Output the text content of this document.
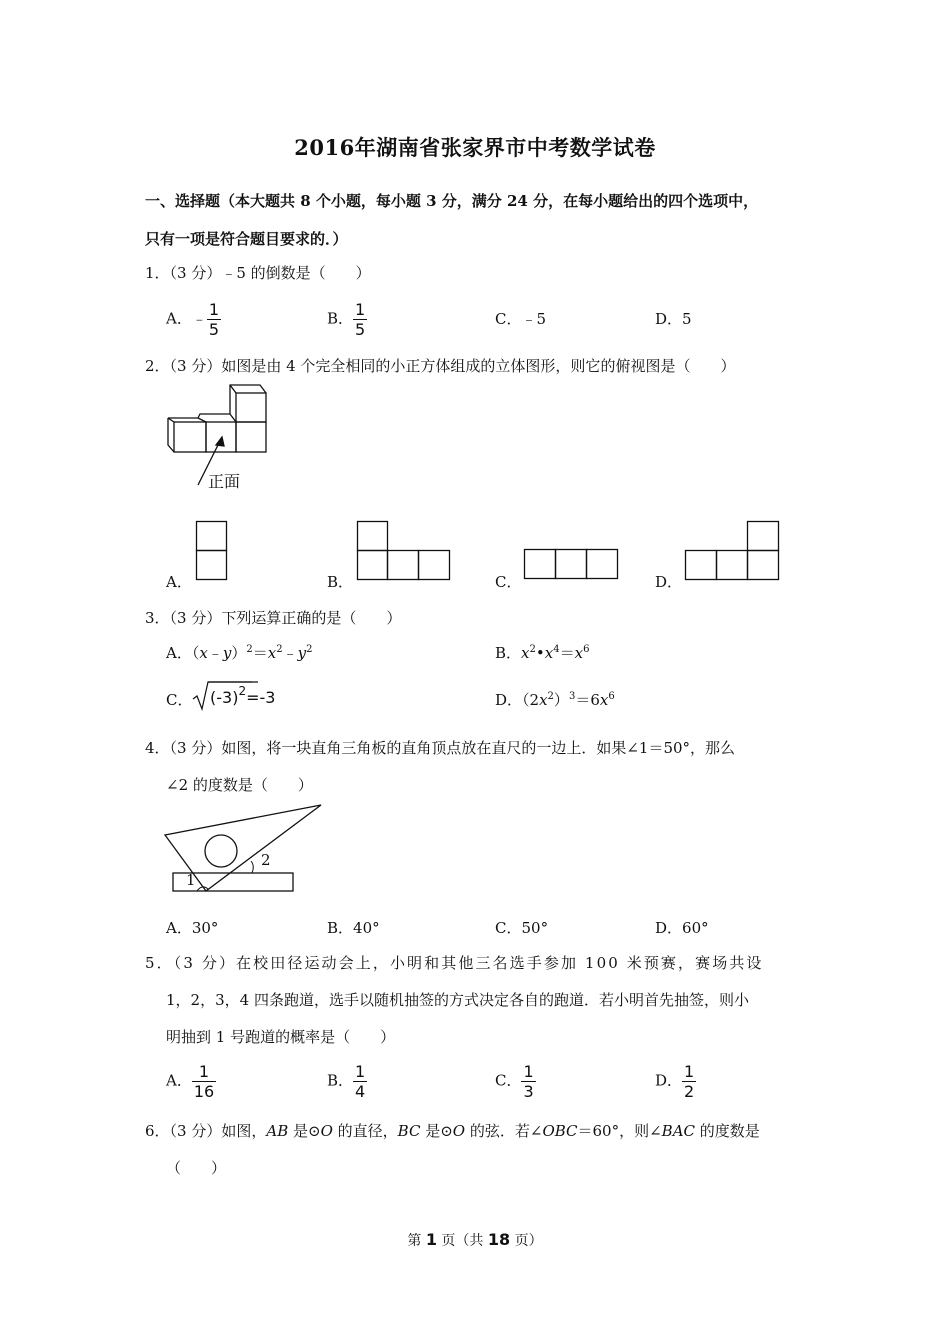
2016年湖南省张家界市中考数学试卷
一、选择题（本大题共 8 个小题，每小题 3 分，满分 24 分，在每小题给出的四个选项中，
只有一项是符合题目要求的．）
1．（3 分）﹣5 的倒数是（　　）
A．﹣ $\frac{1}{5}$	B． $\frac{1}{5}$	C．﹣5	D．5
2．（3 分）如图是由 4 个完全相同的小正方体组成的立体图形，则它的俯视图是（　　）
正面
A．	B．	C．	D．
3．（3 分）下列运算正确的是（　　）
A．$(x﹣y)^2=x^2﹣y^2$	B．$x^2•x^4=x^6$
C． $(-3)^2=-3$	D．$(2x^2)^3=6x^6$
4．（3 分）如图，将一块直角三角板的直角顶点放在直尺的一边上．如果∠1＝50°，那么
∠2 的度数是（　　）
1
2
A．30°	B．40°	C．50°	D．60°
5．（3 分）在校田径运动会上，小明和其他三名选手参加 100 米预赛，赛场共设
1，2，3，4 四条跑道，选手以随机抽签的方式决定各自的跑道．若小明首先抽签，则小
明抽到 1 号跑道的概率是（　　）
A． $\frac{1}{16}$	B． $\frac{1}{4}$	C． $\frac{1}{3}$	D． $\frac{1}{2}$
6．（3 分）如图，AB 是⊙O 的直径，BC 是⊙O 的弦．若∠OBC＝60°，则∠BAC 的度数是
（　　）
第 1 页（共 18 页）
